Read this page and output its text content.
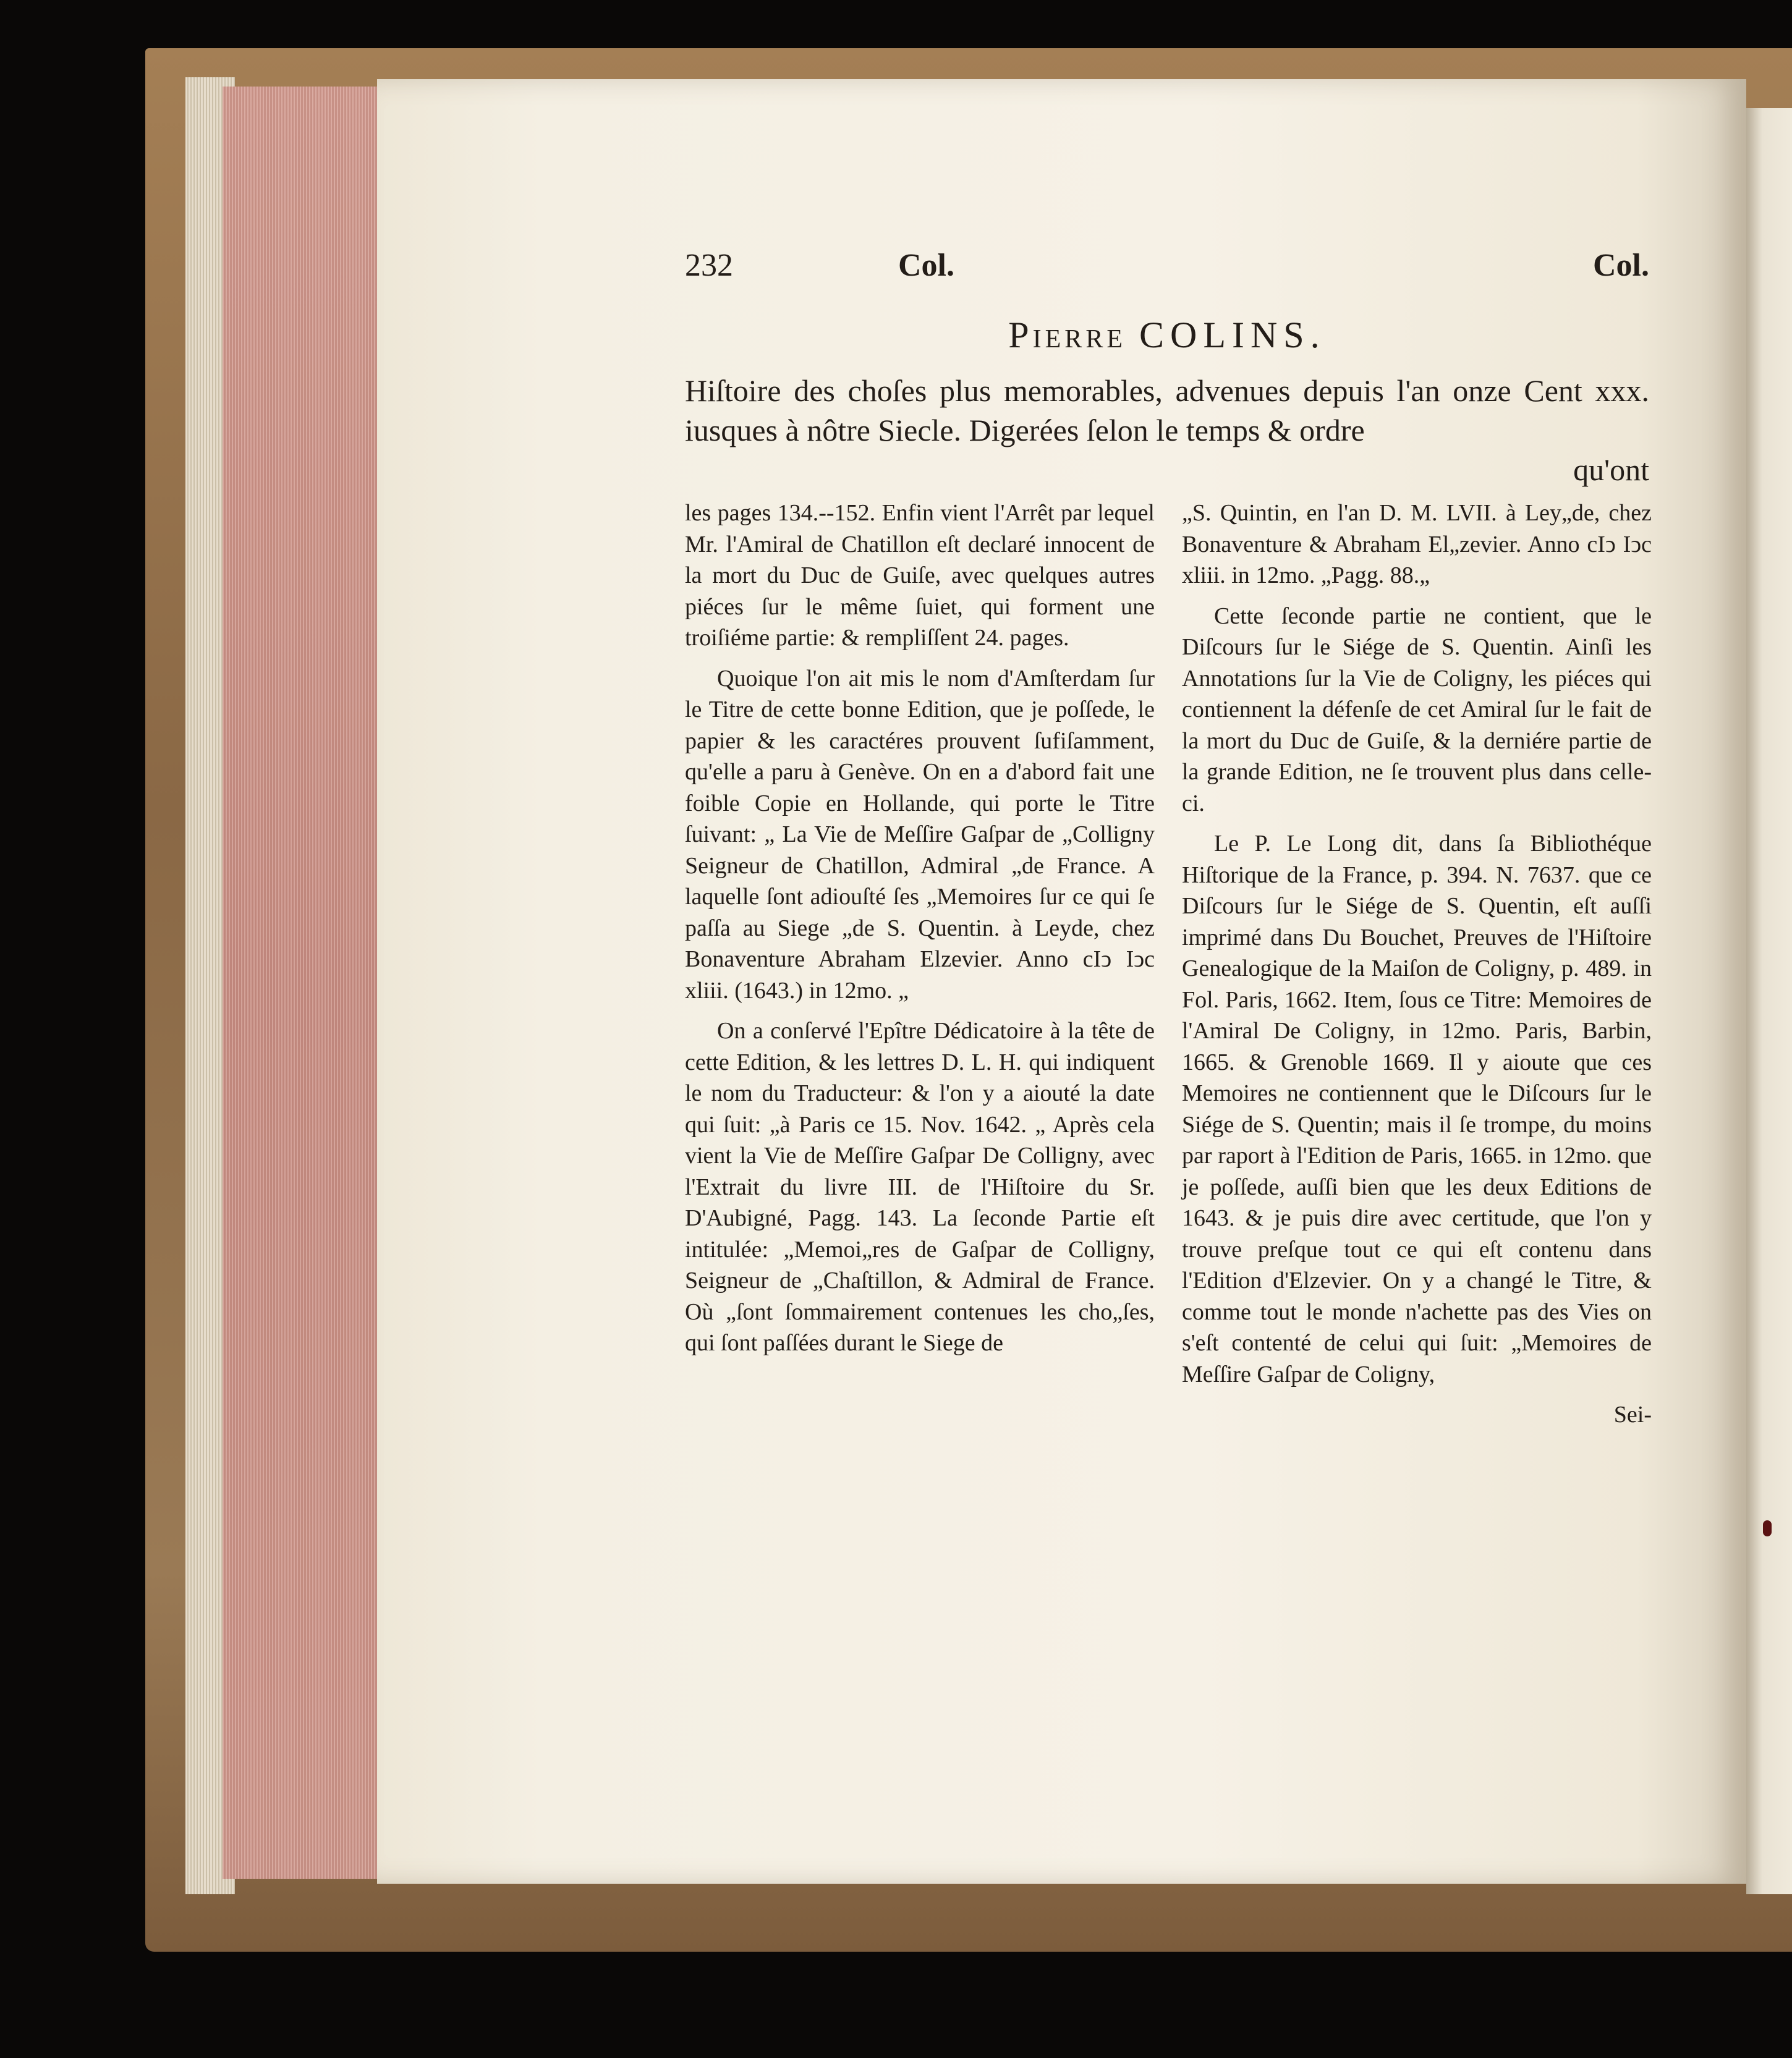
232	Col.	Col.
Pierre COLINS.
Hiſtoire des choſes plus memorables, advenues depuis l'an onze Cent xxx. iusques à nôtre Siecle. Digerées ſelon le temps & ordre
qu'ont

les pages 134.--152. Enfin vient l'Arrêt par lequel Mr. l'Amiral de Chatillon eſt declaré innocent de la mort du Duc de Guiſe, avec quelques autres piéces ſur le même ſuiet, qui forment une troiſiéme partie: & rempliſſent 24. pages.

Quoique l'on ait mis le nom d'Amſterdam ſur le Titre de cette bonne Edition, que je poſſede, le papier & les caractéres prouvent ſufiſamment, qu'elle a paru à Genève. On en a d'abord fait une foible Copie en Hollande, qui porte le Titre ſuivant: „ La Vie de Meſſire Gaſpar de „Colligny Seigneur de Chatillon, Admiral „de France. A laquelle ſont adiouſté ſes „Memoires ſur ce qui ſe paſſa au Siege „de S. Quentin. à Leyde, chez Bonaventure Abraham Elzevier. Anno cIↄ Iↄc xliii. (1643.) in 12mo. „

On a conſervé l'Epître Dédicatoire à la tête de cette Edition, & les lettres D. L. H. qui indiquent le nom du Traducteur: & l'on y a aiouté la date qui ſuit: „à Paris ce 15. Nov. 1642. „ Après cela vient la Vie de Meſſire Gaſpar De Colligny, avec l'Extrait du livre III. de l'Hiſtoire du Sr. D'Aubigné, Pagg. 143. La ſeconde Partie eſt intitulée: „Memoi„res de Gaſpar de Colligny, Seigneur de „Chaſtillon, & Admiral de France. Où „ſont ſommairement contenues les cho„ſes, qui ſont paſſées durant le Siege de

„S. Quintin, en l'an D. M. LVII. à Ley„de, chez Bonaventure & Abraham El„zevier. Anno cIↄ Iↄc xliii. in 12mo. „Pagg. 88.„

Cette ſeconde partie ne contient, que le Diſcours ſur le Siége de S. Quentin. Ainſi les Annotations ſur la Vie de Coligny, les piéces qui contiennent la défenſe de cet Amiral ſur le fait de la mort du Duc de Guiſe, & la derniére partie de la grande Edition, ne ſe trouvent plus dans celle-ci.

Le P. Le Long dit, dans ſa Bibliothéque Hiſtorique de la France, p. 394. N. 7637. que ce Diſcours ſur le Siége de S. Quentin, eſt auſſi imprimé dans Du Bouchet, Preuves de l'Hiſtoire Genealogique de la Maiſon de Coligny, p. 489. in Fol. Paris, 1662. Item, ſous ce Titre: Memoires de l'Amiral De Coligny, in 12mo. Paris, Barbin, 1665. & Grenoble 1669. Il y aioute que ces Memoires ne contiennent que le Diſcours ſur le Siége de S. Quentin; mais il ſe trompe, du moins par raport à l'Edition de Paris, 1665. in 12mo. que je poſſede, auſſi bien que les deux Editions de 1643. & je puis dire avec certitude, que l'on y trouve preſque tout ce qui eſt contenu dans l'Edition d'Elzevier. On y a changé le Titre, & comme tout le monde n'achette pas des Vies on s'eſt contenté de celui qui ſuit: „Memoires de Meſſire Gaſpar de Coligny,

Sei-
